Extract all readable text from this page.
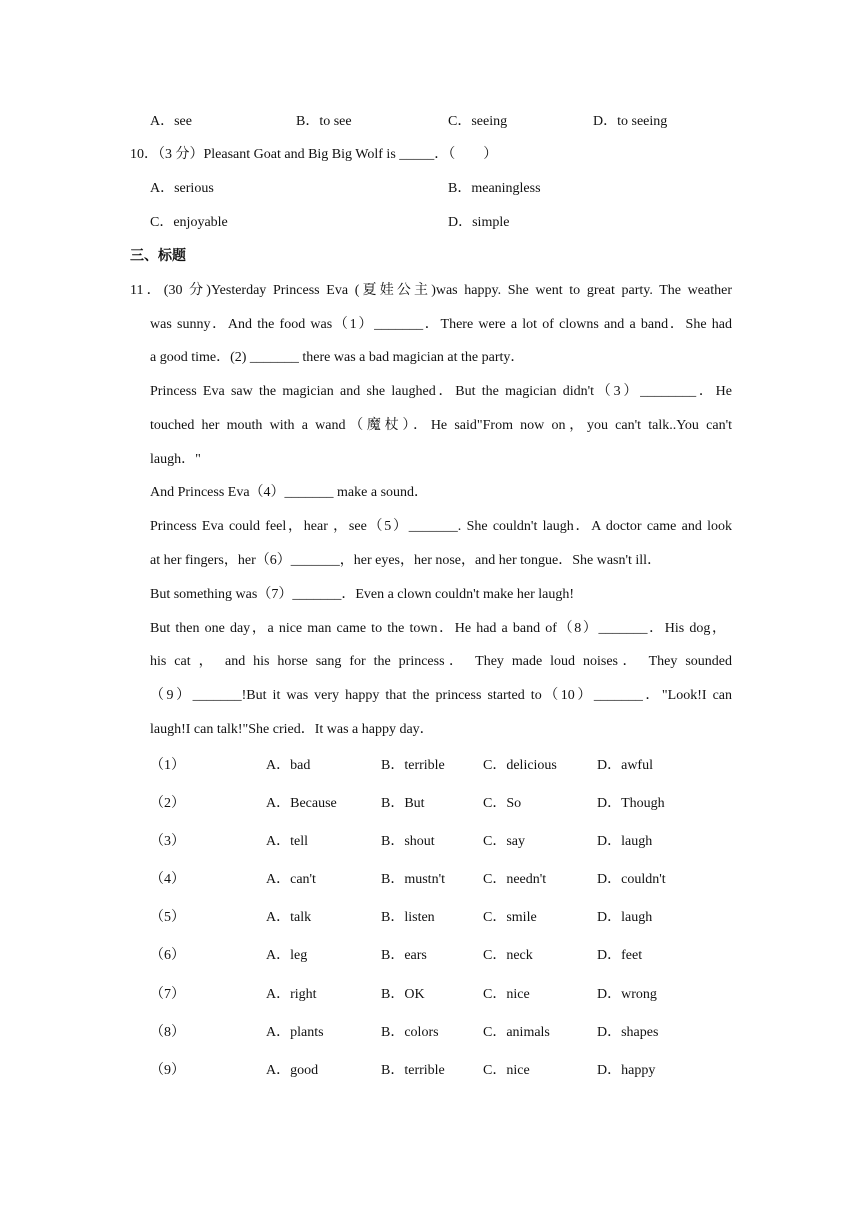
A．see	B．to see	C．seeing	D．to seeing
10．（3 分）Pleasant Goat and Big Big Wolf is _____．（　　）
A．serious	B．meaningless
C．enjoyable	D．simple
三、标题
11．(30 分)Yesterday Princess Eva (夏娃公主)was happy. She went to great party. The weather
was sunny．And the food was（1）_______．There were a lot of clowns and a band．She had
a good time．(2) _______ there was a bad magician at the party．
Princess Eva saw the magician and she laughed．But the magician didn't（3）________．He
touched her mouth with a wand（魔杖）．He said"From now on，you can't talk..You can't
laugh．"
And Princess Eva（4）_______ make a sound．
Princess Eva could feel，hear ，see（5）_______. She couldn't laugh．A doctor came and look
at her fingers，her（6）_______，her eyes，her nose，and her tongue．She wasn't ill．
But something was（7）_______．Even a clown couldn't make her laugh!
But then one day，a nice man came to the town．He had a band of（8）_______．His dog，
his cat ， and his horse sang for the princess． They made loud noises． They sounded
（9）_______!But it was very happy that the princess started to（10）_______．"Look!I can
laugh!I can talk!"She cried．It was a happy day．
（1）	A．bad	B．terrible	C．delicious	D．awful
（2）	A．Because	B．But	C．So	D．Though
（3）	A．tell	B．shout	C．say	D．laugh
（4）	A．can't	B．mustn't	C．needn't	D．couldn't
（5）	A．talk	B．listen	C．smile	D．laugh
（6）	A．leg	B．ears	C．neck	D．feet
（7）	A．right	B．OK	C．nice	D．wrong
（8）	A．plants	B．colors	C．animals	D．shapes
（9）	A．good	B．terrible	C．nice	D．happy
